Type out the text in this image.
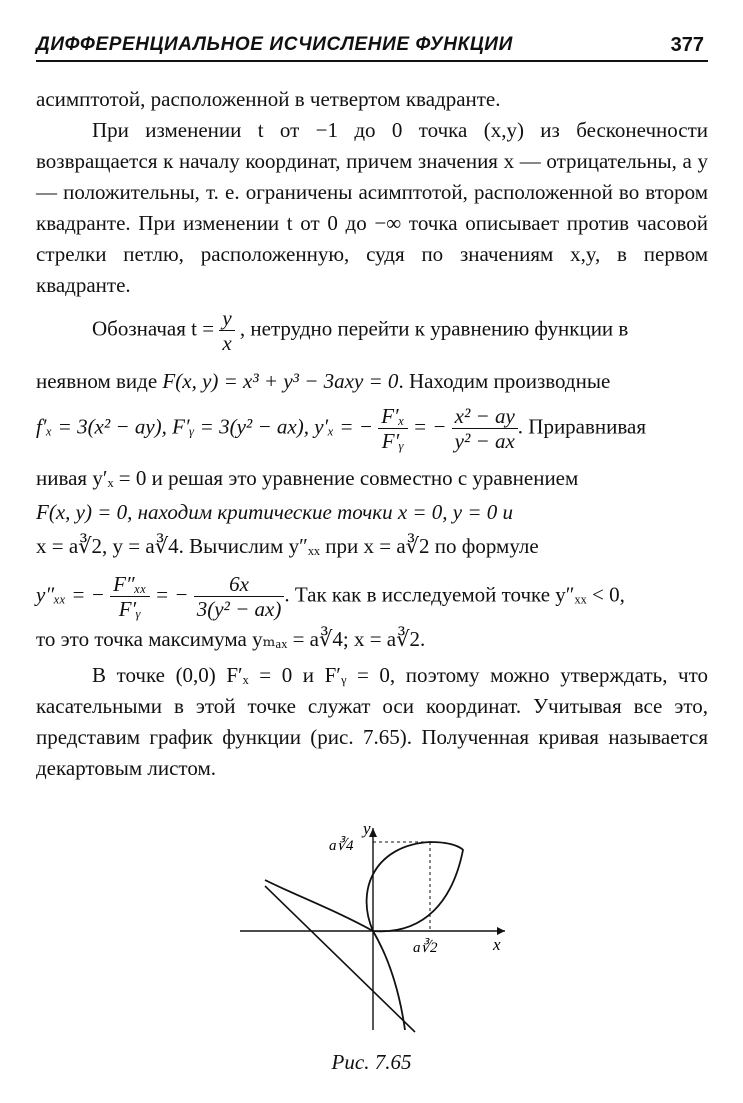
ДИФФЕРЕНЦИАЛЬНОЕ ИСЧИСЛЕНИЕ ФУНКЦИИ	377

асимптотой, расположенной в четвертом квадранте.

При изменении t от −1 до 0 точка (x,y) из бесконечности возвращается к началу координат, причем значения x — отрицательны, а y — положительны, т. е. ограничены асимптотой, расположенной во втором квадранте. При изменении t от 0 до −∞ точка описывает против часовой стрелки петлю, расположенную, судя по значениям x,y, в первом квадранте.

Обозначая $t = \frac{y}{x}$ , нетрудно перейти к уравнению функции в
неявном виде F(x, y) = x³ + y³ − 3axy = 0. Находим производные
f′ₓ = 3(x² − ay), F′ᵧ = 3(y² − ax), y′ₓ = − $\frac{\text{F′ₓ}}{\text{F′ᵧ}}$ = − $\frac{\text{x² − ay}}{\text{y² − ax}}$ . Приравнивая
нивая y′ₓ = 0 и решая это уравнение совместно с уравнением
F(x, y) = 0, находим критические точки x = 0, y = 0 и
x = a∛2, y = a∛4. Вычислим y″ₓₓ при x = a∛2 по формуле
y″ₓₓ = − $\frac{\text{F″ₓₓ}}{\text{F′ᵧ}}$ = − $\frac{6x}{\text{3(y² − ax)}}$ . Так как в исследуемой точке y″ₓₓ < 0,
то это точка максимума yₘₐₓ = a∛4; x = a∛2.

В точке (0,0) F′ₓ = 0 и F′ᵧ = 0, поэтому можно утверждать, что касательными в этой точке служат оси координат. Учитывая все это, представим график функции (рис. 7.65). Полученная кривая называется декартовым листом.

y
x
a∛4
a∛2
Рис. 7.65
